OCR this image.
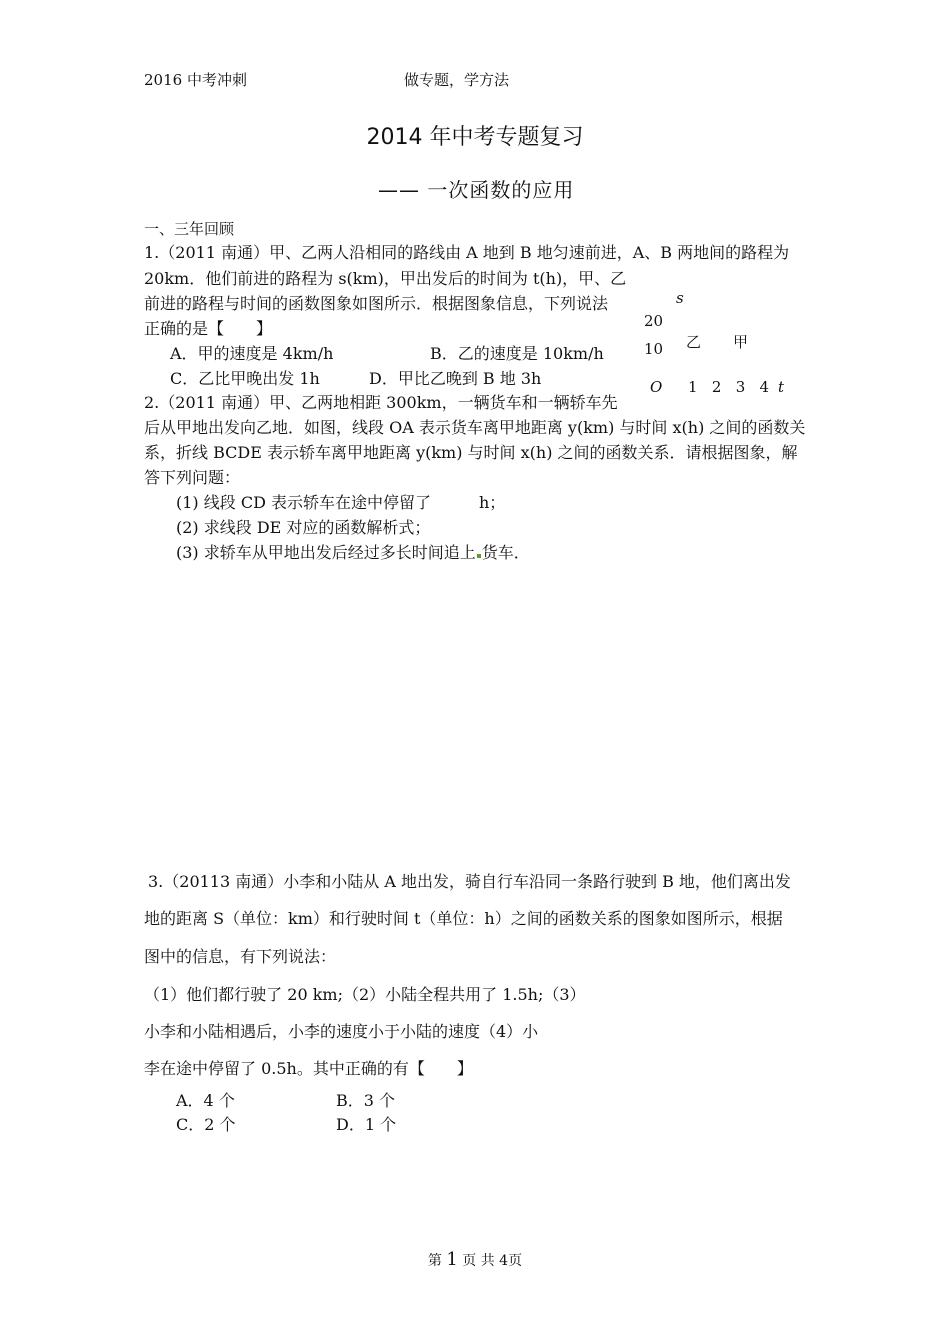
2016 中考冲刺	做专题，学方法
2014 年中考专题复习
—— 一次函数的应用
一、三年回顾
1.（2011 南通）甲、乙两人沿相同的路线由 A 地到 B 地匀速前进，A、B 两地间的路程为
20km．他们前进的路程为 s(km)，甲出发后的时间为 t(h)，甲、乙
前进的路程与时间的函数图象如图所示．根据图象信息，下列说法
正确的是【　　】
A．甲的速度是 4km/h	B．乙的速度是 10km/h
C．乙比甲晚出发 1h	D．甲比乙晚到 B 地 3h
s
20
10 乙 甲
O 1   2   3   4 t
2.（2011 南通）甲、乙两地相距 300km，一辆货车和一辆轿车先
后从甲地出发向乙地．如图，线段 OA 表示货车离甲地距离 y(km) 与时间 x(h) 之间的函数关
系，折线 BCDE 表示轿车离甲地距离 y(km) 与时间 x(h) 之间的函数关系．请根据图象，解
答下列问题：
(1) 线段 CD 表示轿车在途中停留了　　　h；
(2) 求线段 DE 对应的函数解析式；
(3) 求轿车从甲地出发后经过多长时间追上 货车．
3.（20113 南通）小李和小陆从 A 地出发，骑自行车沿同一条路行驶到 B 地，他们离出发
地的距离 S（单位：km）和行驶时间 t（单位：h）之间的函数关系的图象如图所示，根据
图中的信息，有下列说法：
（1）他们都行驶了 20 km;（2）小陆全程共用了 1.5h;（3）
小李和小陆相遇后，小李的速度小于小陆的速度（4）小
李在途中停留了 0.5h。其中正确的有【　　】
A．4 个	B．3 个
C．2 个	D．1 个
第 1 页 共 4页
